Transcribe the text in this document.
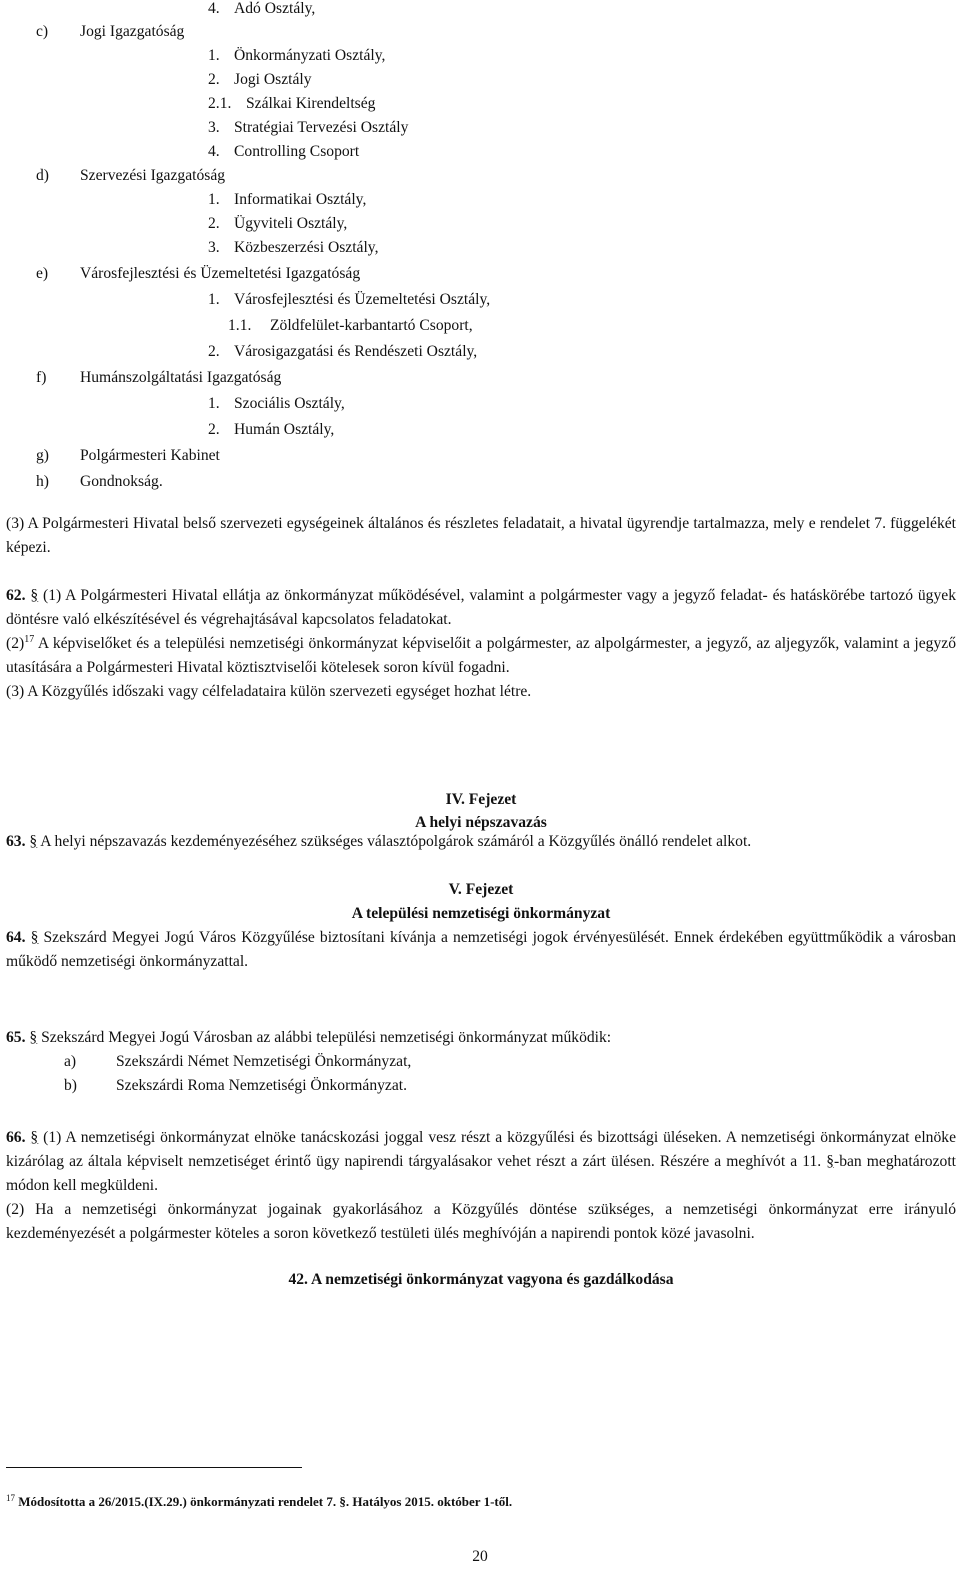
4. Adó Osztály,
c) Jogi Igazgatóság
1. Önkormányzati Osztály,
2. Jogi Osztály
2.1. Szálkai Kirendeltség
3. Stratégiai Tervezési Osztály
4. Controlling Csoport
d) Szervezési Igazgatóság
1. Informatikai Osztály,
2. Ügyviteli Osztály,
3. Közbeszerzési Osztály,
e) Városfejlesztési és Üzemeltetési Igazgatóság
1. Városfejlesztési és Üzemeltetési Osztály,
1.1. Zöldfelület-karbantartó Csoport,
2. Városigazgatási és Rendészeti Osztály,
f) Humánszolgáltatási Igazgatóság
1. Szociális Osztály,
2. Humán Osztály,
g) Polgármesteri Kabinet
h) Gondnokság.
(3) A Polgármesteri Hivatal belső szervezeti egységeinek általános és részletes feladatait, a hivatal ügyrendje tartalmazza, mely e rendelet 7. függelékét képezi.
62. § (1) A Polgármesteri Hivatal ellátja az önkormányzat működésével, valamint a polgármester vagy a jegyző feladat- és hatáskörébe tartozó ügyek döntésre való elkészítésével és végrehajtásával kapcsolatos feladatokat.
$(2)^{17}$ A képviselőket és a települési nemzetiségi önkormányzat képviselőit a polgármester, az alpolgármester, a jegyző, az aljegyzők, valamint a jegyző utasítására a Polgármesteri Hivatal köztisztviselői kötelesek soron kívül fogadni.
(3) A Közgyűlés időszaki vagy célfeladataira külön szervezeti egységet hozhat létre.
IV. Fejezet
A helyi népszavazás
63. § A helyi népszavazás kezdeményezéséhez szükséges választópolgárok számáról a Közgyűlés önálló rendelet alkot.
V. Fejezet
A települési nemzetiségi önkormányzat
64. § Szekszárd Megyei Jogú Város Közgyűlése biztosítani kívánja a nemzetiségi jogok érvényesülését. Ennek érdekében együttműködik a városban működő nemzetiségi önkormányzattal.
65. § Szekszárd Megyei Jogú Városban az alábbi települési nemzetiségi önkormányzat működik:
a)	Szekszárdi Német Nemzetiségi Önkormányzat,
b)	Szekszárdi Roma Nemzetiségi Önkormányzat.
66. § (1) A nemzetiségi önkormányzat elnöke tanácskozási joggal vesz részt a közgyűlési és bizottsági üléseken. A nemzetiségi önkormányzat elnöke kizárólag az általa képviselt nemzetiséget érintő ügy napirendi tárgyalásakor vehet részt a zárt ülésen. Részére a meghívót a 11. §-ban meghatározott módon kell megküldeni.
(2) Ha a nemzetiségi önkormányzat jogainak gyakorlásához a Közgyűlés döntése szükséges, a nemzetiségi önkormányzat erre irányuló kezdeményezését a polgármester köteles a soron következő testületi ülés meghívóján a napirendi pontok közé javasolni.
42. A nemzetiségi önkormányzat vagyona és gazdálkodása
$^{17}$ Módosította a 26/2015.(IX.29.) önkormányzati rendelet 7. §. Hatályos 2015. október 1-től.
20
